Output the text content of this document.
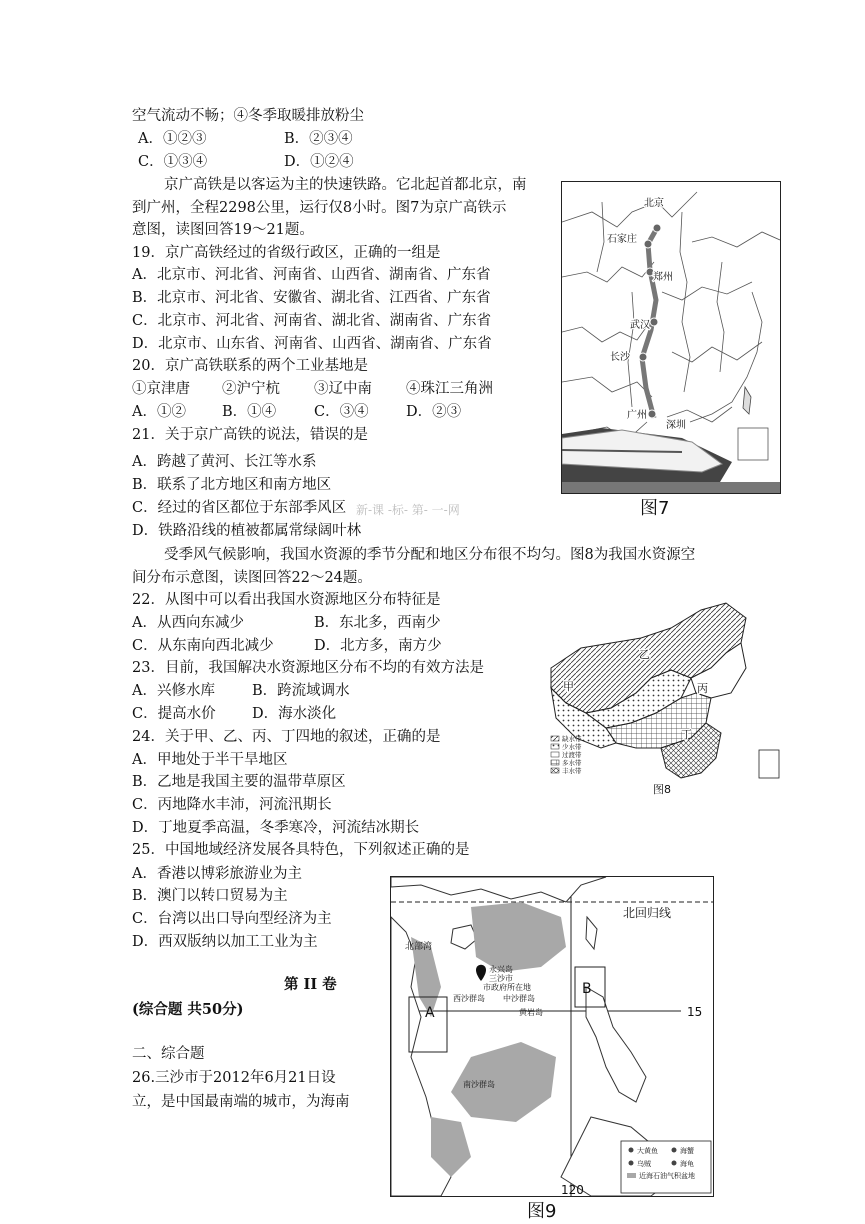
空气流动不畅；④冬季取暖排放粉尘
A．①②③	B．②③④
C．①③④	D．①②④
京广高铁是以客运为主的快速铁路。它北起首都北京，南
到广州，全程2298公里，运行仅8小时。图7为京广高铁示
意图，读图回答19～21题。
19．京广高铁经过的省级行政区，正确的一组是
A．北京市、河北省、河南省、山西省、湖南省、广东省
B．北京市、河北省、安徽省、湖北省、江西省、广东省
C．北京市、河北省、河南省、湖北省、湖南省、广东省
D．北京市、山东省、河南省、山西省、湖南省、广东省
20．京广高铁联系的两个工业基地是
①京津唐 ②沪宁杭 ③辽中南 ④珠江三角洲
A．①② B．①④	C．③④	D．②③
21．关于京广高铁的说法，错误的是
A．跨越了黄河、长江等水系
B．联系了北方地区和南方地区
C．经过的省区都位于东部季风区 新-课 -标- 第- 一-网
D．铁路沿线的植被都属常绿阔叶林
北京
石家庄
郑州
武汉
长沙
广州
深圳
图7
受季风气候影响，我国水资源的季节分配和地区分布很不均匀。图8为我国水资源空
间分布示意图，读图回答22～24题。
22．从图中可以看出我国水资源地区分布特征是
A．从西向东减少	B．东北多，西南少
C．从东南向西北减少	D．北方多，南方少
23．目前，我国解决水资源地区分布不均的有效方法是
A．兴修水库	B．跨流域调水
C．提高水价	D．海水淡化
24．关于甲、乙、丙、丁四地的叙述，正确的是
A．甲地处于半干旱地区
B．乙地是我国主要的温带草原区
C．丙地降水丰沛，河流汛期长
D．丁地夏季高温，冬季寒冷，河流结冰期长
25．中国地域经济发展各具特色，下列叙述正确的是
A．香港以博彩旅游业为主
B．澳门以转口贸易为主
C．台湾以出口导向型经济为主
D．西双版纳以加工工业为主
甲
乙
丙
丁
缺水带
少水带
过渡带
多水带
丰水带
图8
第 II 卷
(综合题 共50分)
二、综合题
26.三沙市于2012年6月21日设
立，是中国最南端的城市，为海南
北回归线
15
120
A
B
北部湾
永兴岛
三沙市
市政府所在地
西沙群岛 中沙群岛
黄岩岛
南沙群岛
大黄鱼	海蟹
乌贼	海龟
近海石油气积盆地
图9
